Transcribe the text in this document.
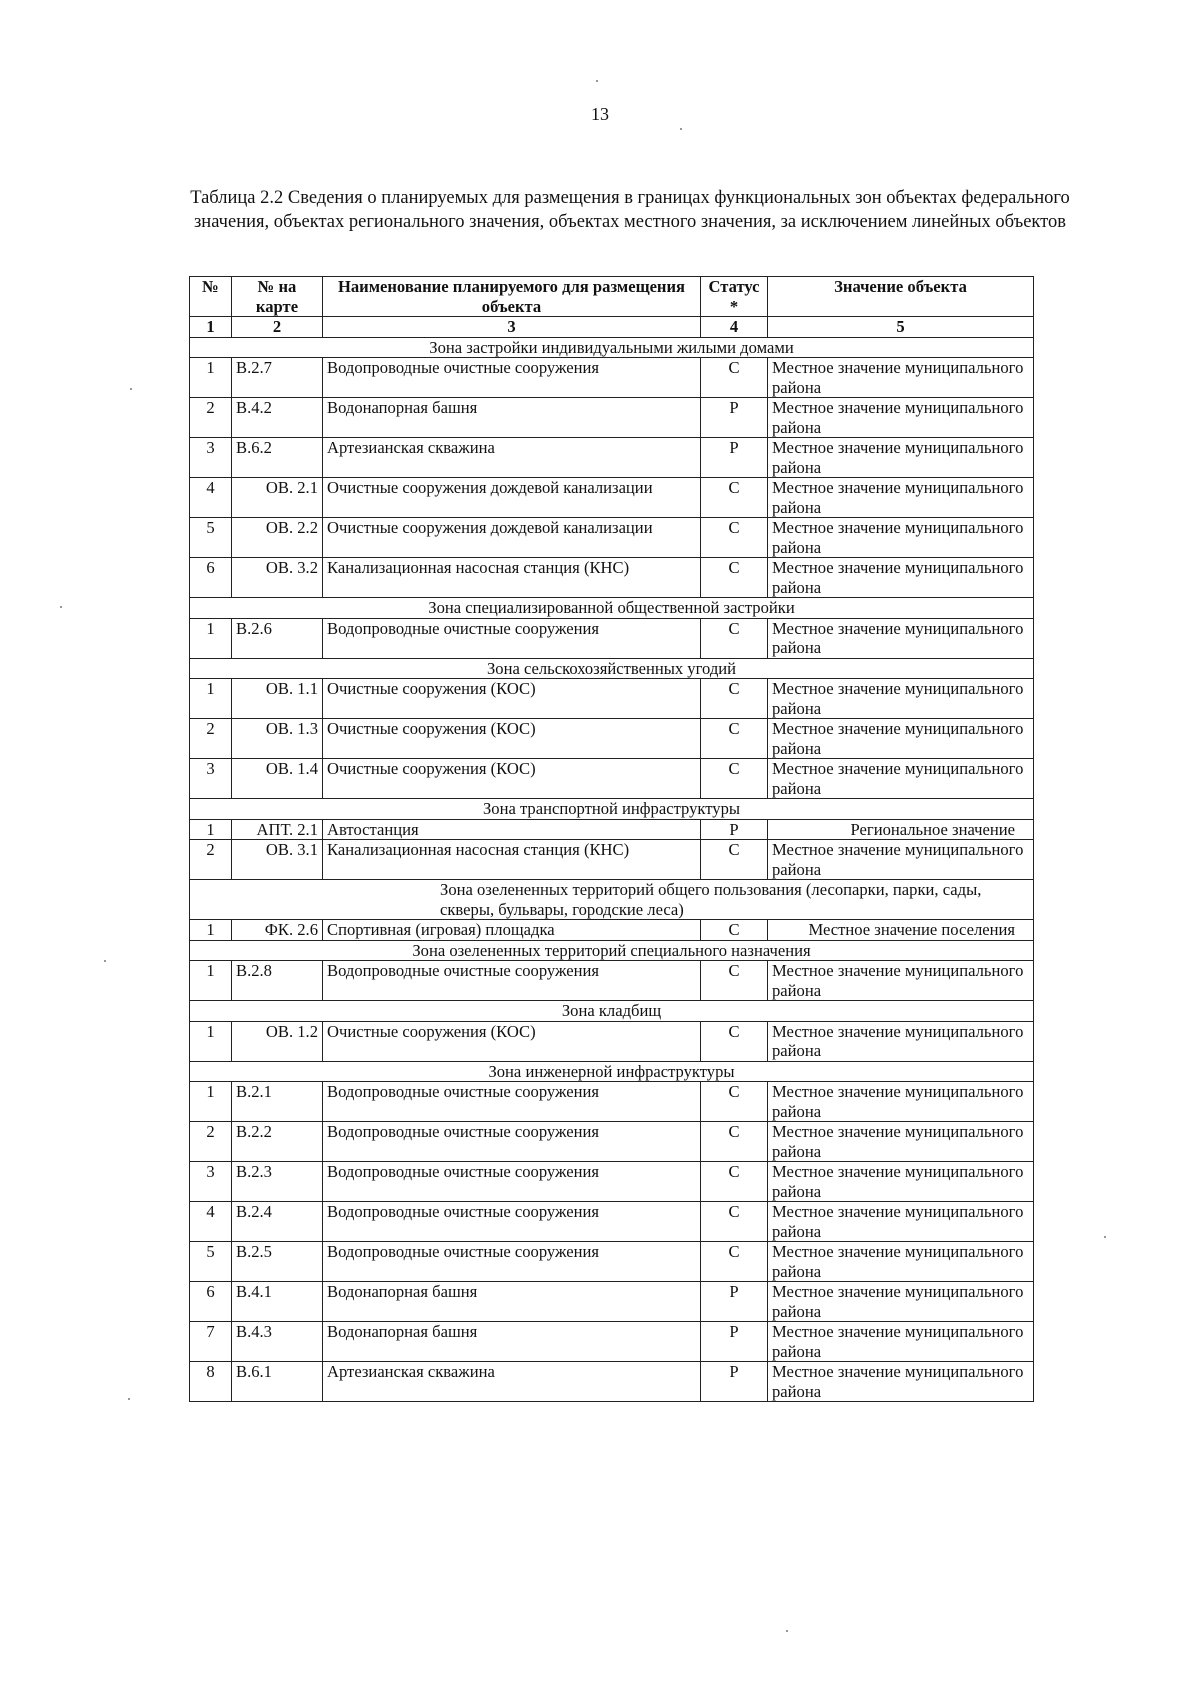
13
Таблица 2.2 Сведения о планируемых для размещения в границах функциональных зон объектах федерального значения, объектах регионального значения, объектах местного значения, за исключением линейных объектов
№	№ на карте	Наименование планируемого для размещения объекта	Статус *	Значение объекта
1	2	3	4	5
Зона застройки индивидуальными жилыми домами				
1	В.2.7	Водопроводные очистные сооружения	С	Местное значение муниципального района
2	В.4.2	Водонапорная башня	Р	Местное значение муниципального района
3	В.6.2	Артезианская скважина	Р	Местное значение муниципального района
4	ОВ. 2.1	Очистные сооружения дождевой канализации	С	Местное значение муниципального района
5	ОВ. 2.2	Очистные сооружения дождевой канализации	С	Местное значение муниципального района
6	ОВ. 3.2	Канализационная насосная станция (КНС)	С	Местное значение муниципального района
Зона специализированной общественной застройки				
1	В.2.6	Водопроводные очистные сооружения	С	Местное значение муниципального района
Зона сельскохозяйственных угодий				
1	ОВ. 1.1	Очистные сооружения (КОС)	С	Местное значение муниципального района
2	ОВ. 1.3	Очистные сооружения (КОС)	С	Местное значение муниципального района
3	ОВ. 1.4	Очистные сооружения (КОС)	С	Местное значение муниципального района
Зона транспортной инфраструктуры				
1	АПТ. 2.1	Автостанция	Р	Региональное значение
2	ОВ. 3.1	Канализационная насосная станция (КНС)	С	Местное значение муниципального района
Зона озелененных территорий общего пользования (лесопарки, парки, сады, скверы, бульвары, городские леса)				
1	ФК. 2.6	Спортивная (игровая) площадка	С	Местное значение поселения
Зона озелененных территорий специального назначения				
1	В.2.8	Водопроводные очистные сооружения	С	Местное значение муниципального района
Зона кладбищ				
1	ОВ. 1.2	Очистные сооружения (КОС)	С	Местное значение муниципального района
Зона инженерной инфраструктуры				
1	В.2.1	Водопроводные очистные сооружения	С	Местное значение муниципального района
2	В.2.2	Водопроводные очистные сооружения	С	Местное значение муниципального района
3	В.2.3	Водопроводные очистные сооружения	С	Местное значение муниципального района
4	В.2.4	Водопроводные очистные сооружения	С	Местное значение муниципального района
5	В.2.5	Водопроводные очистные сооружения	С	Местное значение муниципального района
6	В.4.1	Водонапорная башня	Р	Местное значение муниципального района
7	В.4.3	Водонапорная башня	Р	Местное значение муниципального района
8	В.6.1	Артезианская скважина	Р	Местное значение муниципального района
